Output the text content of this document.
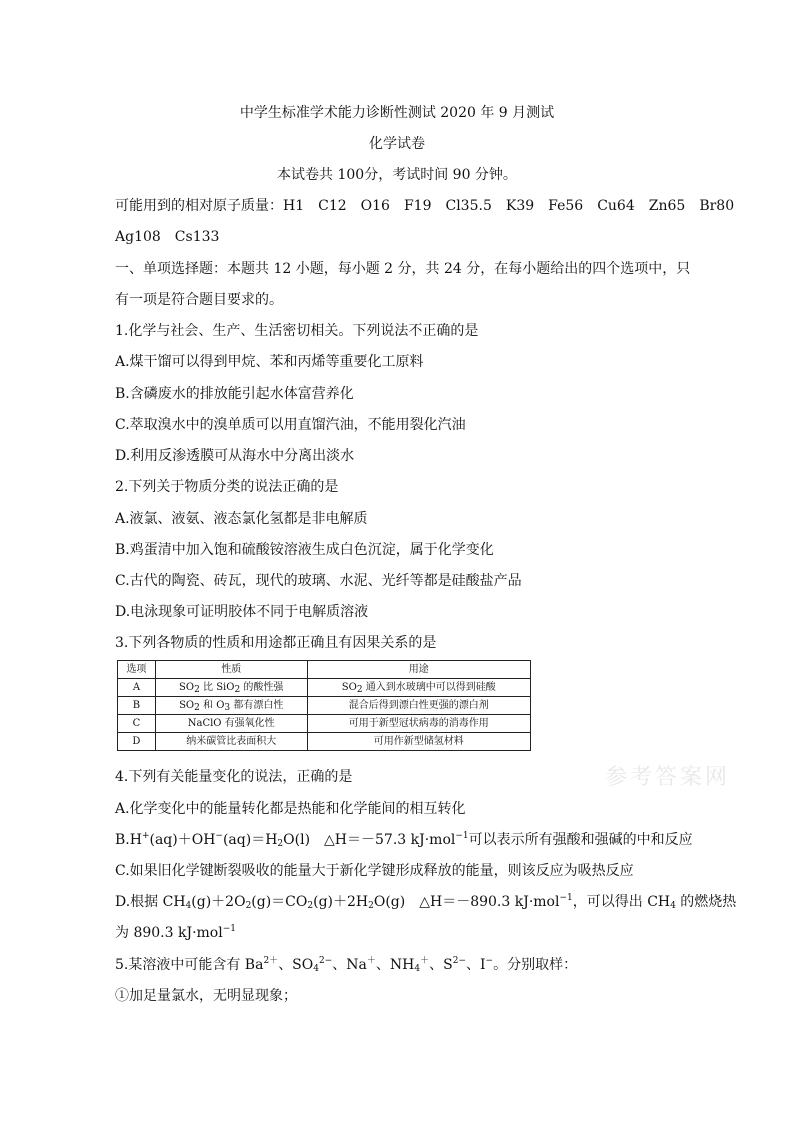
中学生标准学术能力诊断性测试 2020 年 9 月测试
化学试卷
本试卷共 100分，考试时间 90 分钟。
可能用到的相对原子质量：H1 C12 O16 F19 Cl35.5 K39 Fe56 Cu64 Zn65 Br80
Ag108 Cs133
一、单项选择题：本题共 12 小题，每小题 2 分，共 24 分，在每小题给出的四个选项中，只
有一项是符合题目要求的。
1.化学与社会、生产、生活密切相关。下列说法不正确的是
A.煤干馏可以得到甲烷、苯和丙烯等重要化工原料
B.含磷废水的排放能引起水体富营养化
C.萃取溴水中的溴单质可以用直馏汽油，不能用裂化汽油
D.利用反渗透膜可从海水中分离出淡水
2.下列关于物质分类的说法正确的是
A.液氯、液氨、液态氯化氢都是非电解质
B.鸡蛋清中加入饱和硫酸铵溶液生成白色沉淀，属于化学变化
C.古代的陶瓷、砖瓦，现代的玻璃、水泥、光纤等都是硅酸盐产品
D.电泳现象可证明胶体不同于电解质溶液
3.下列各物质的性质和用途都正确且有因果关系的是
选项	性质	用途
A	SO2 比 SiO2 的酸性强	SO2 通入到水玻璃中可以得到硅酸
B	SO2 和 O3 都有漂白性	混合后得到漂白性更强的漂白剂
C	NaClO 有强氧化性	可用于新型冠状病毒的消毒作用
D	纳米碳管比表面积大	可用作新型储氢材料
参考答案网
4.下列有关能量变化的说法，正确的是
A.化学变化中的能量转化都是热能和化学能间的相互转化
$B.H^+(aq)+OH^-(aq)=H_2O(l)$　△H＝－57.3 kJ·mol$^{-1}$可以表示所有强酸和强碱的中和反应
C.如果旧化学键断裂吸收的能量大于新化学键形成释放的能量，则该反应为吸热反应
D.根据 $CH_4(g)+2O_2(g)=CO_2(g)+2H_2O(g)$　△H＝－890.3 kJ·mol$^{-1}$，可以得出 $CH_4$ 的燃烧热
为 890.3 kJ·mol$^{-1}$
5.某溶液中可能含有 $Ba^{2+}$、$SO_4^{2-}$、Na＋、$NH_4^+$、$S^{2-}$、I−。分别取样：
①加足量氯水，无明显现象；
